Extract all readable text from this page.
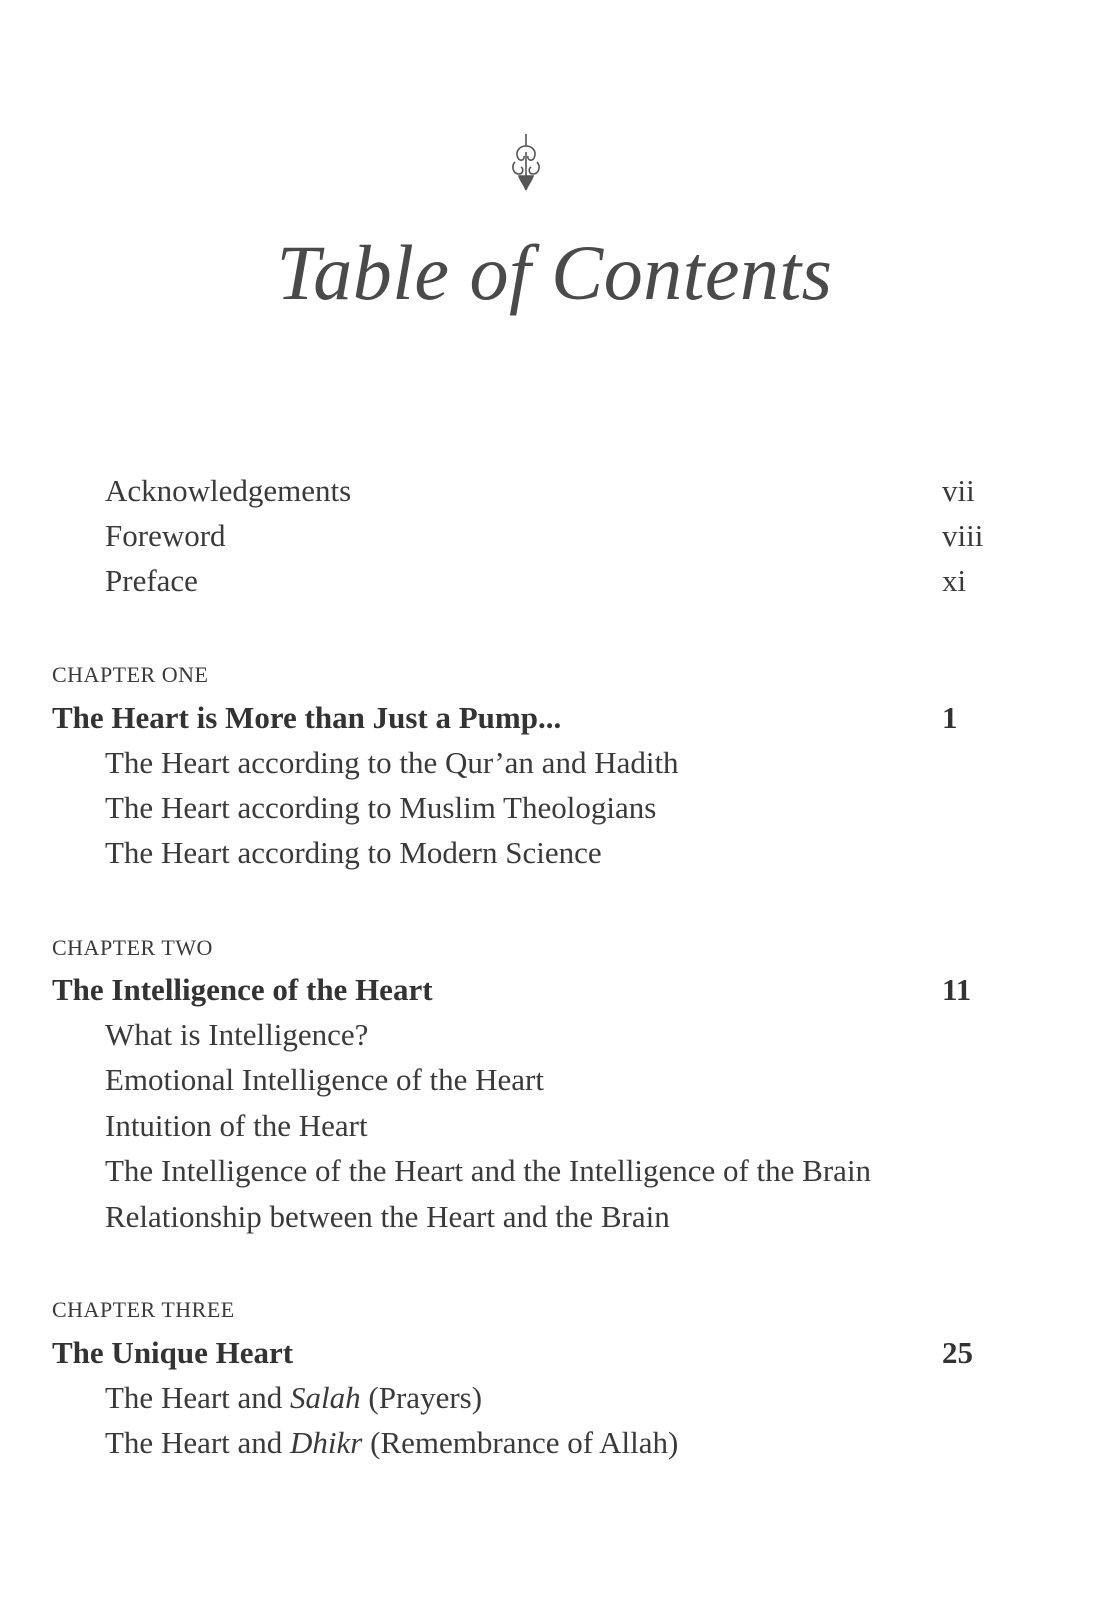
Table of Contents
Acknowledgements	vii
Foreword	viii
Preface	xi
CHAPTER ONE
The Heart is More than Just a Pump...	1
The Heart according to the Qur’an and Hadith
The Heart according to Muslim Theologians
The Heart according to Modern Science
CHAPTER TWO
The Intelligence of the Heart	11
What is Intelligence?
Emotional Intelligence of the Heart
Intuition of the Heart
The Intelligence of the Heart and the Intelligence of the Brain
Relationship between the Heart and the Brain
CHAPTER THREE
The Unique Heart	25
The Heart and Salah (Prayers)
The Heart and Dhikr (Remembrance of Allah)
